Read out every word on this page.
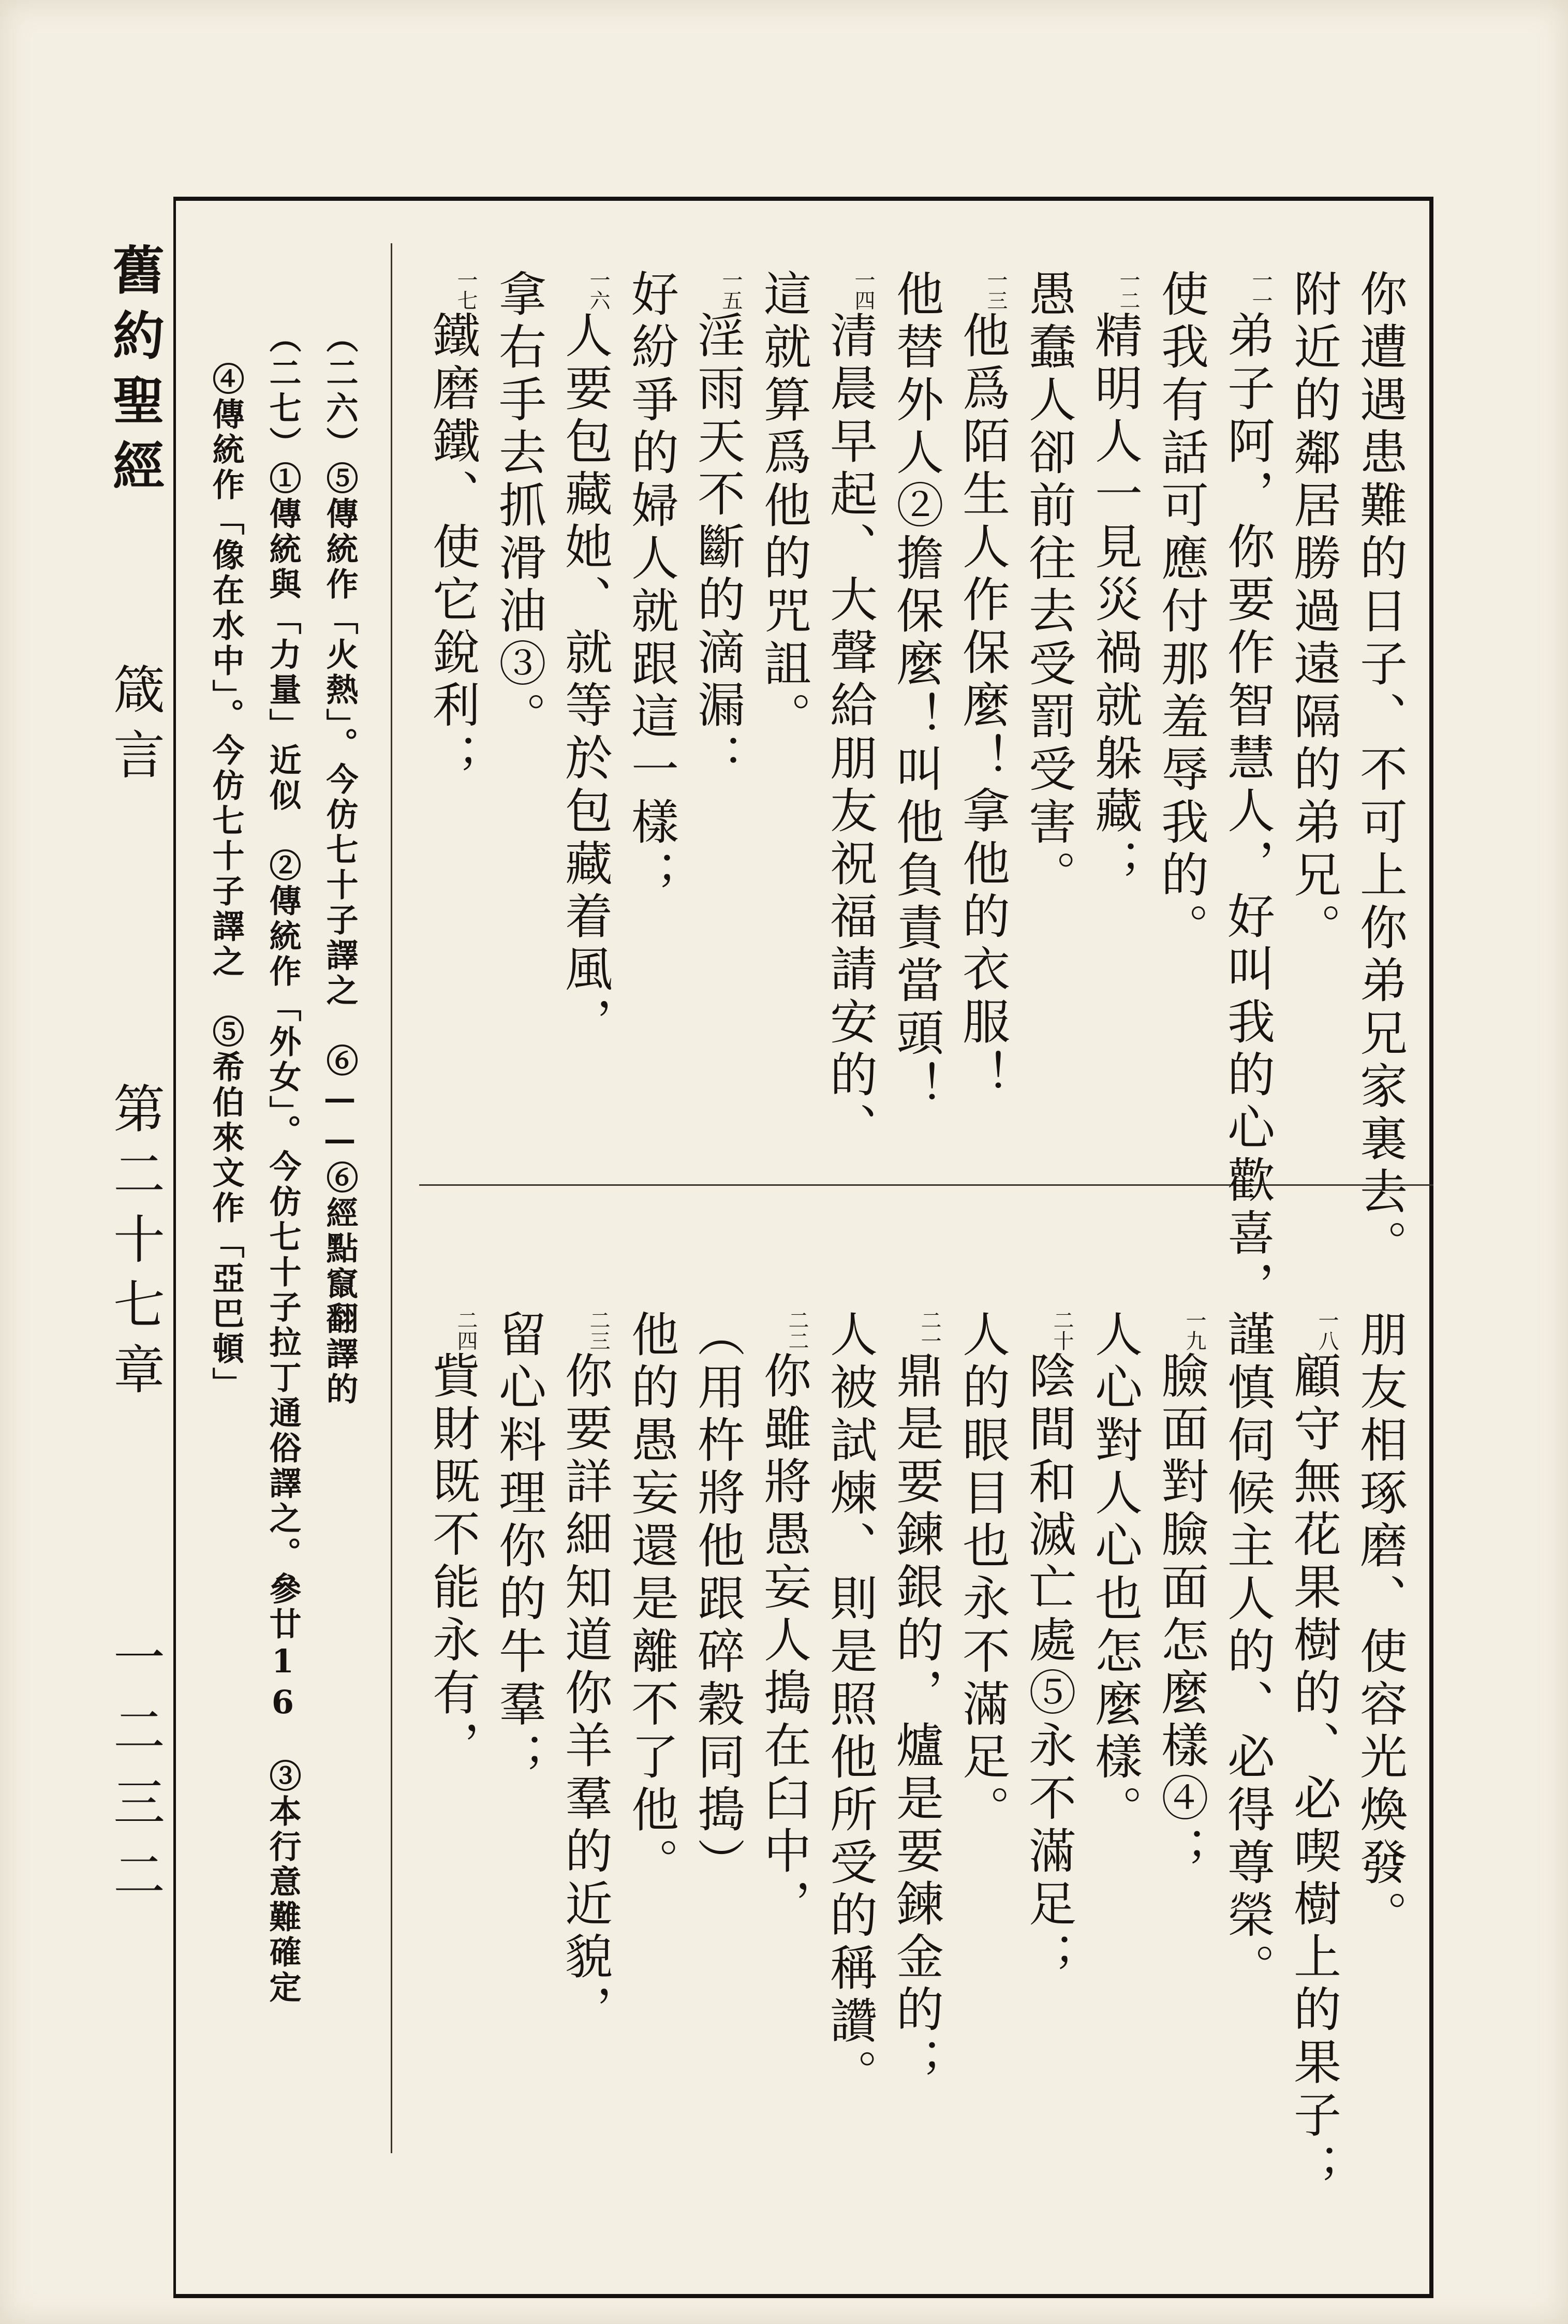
舊約聖經
箴言
第二十七章
一二三二
你遭遇患難的日子、不可上你弟兄家裏去。
附近的鄰居勝過遠隔的弟兄。
一一弟子阿，你要作智慧人，好叫我的心歡喜，
使我有話可應付那羞辱我的。
一二精明人一見災禍就躲藏；
愚蠢人卻前往去受罰受害。
一三他爲陌生人作保麼！拿他的衣服！
他替外人②擔保麼！叫他負責當頭！
一四清晨早起、大聲給朋友祝福請安的、
這就算爲他的咒詛。
一五淫雨天不斷的滴漏：
好紛爭的婦人就跟這一樣；
一六人要包藏她、就等於包藏着風，
拿右手去抓滑油③。
一七鐵磨鐵、使它銳利；
朋友相琢磨、使容光煥發。
一八顧守無花果樹的、必喫樹上的果子；
謹慎伺候主人的、必得尊榮。
一九臉面對臉面怎麼樣④；
人心對人心也怎麼樣。
二十陰間和滅亡處⑤永不滿足；
人的眼目也永不滿足。
二一鼎是要鍊銀的，爐是要鍊金的；
人被試煉、則是照他所受的稱讚。
二二你雖將愚妄人搗在臼中，
（用杵將他跟碎穀同搗）
他的愚妄還是離不了他。
二三你要詳細知道你羊羣的近貌，
留心料理你的牛羣；
二四貲財既不能永有，
（二六）⑤傳統作「火熱」。今仿七十子譯之　⑥——⑥經點竄翻譯的
（二七）①傳統與「力量」近似　②傳統作「外女」。今仿七十子拉丁通俗譯之。參廿16　③本行意難確定
④傳統作「像在水中」。今仿七十子譯之　⑤希伯來文作「亞巴頓」
